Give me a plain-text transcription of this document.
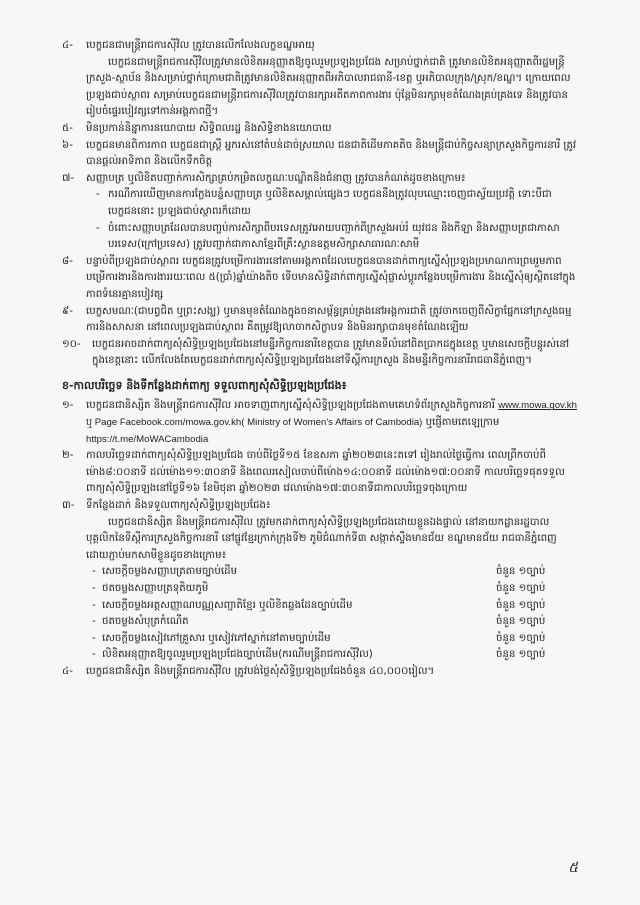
៤- បេក្ខជនជាមន្រ្តីរាជការស៊ីវិល ត្រូវបានលើកលែងលក្ខខណ្ឌអាយុ
បេក្ខជនជាមន្រ្តីរាជការស៊ីវិលត្រូវមានលិខិតអនុញ្ញាតឱ្យចូលរួមប្រឡងប្រជែង សម្រាប់ថ្នាក់ជាតិ ត្រូវមានលិខិតអនុញ្ញាតពីរដ្ឋមន្ត្រីក្រសួង-ស្ថាប័ន និងសម្រាប់ថ្នាក់ក្រោមជាតិត្រូវមានលិខិតអនុញ្ញាតពីអភិបាលរាជធានី-ខេត្ត ឬអភិបាលក្រុង/ស្រុក/ខណ្ឌ។ ក្រោយពេលប្រឡងជាប់ស្ថាពរ សម្រាប់បេក្ខជនជាមន្ត្រីរាជការស៊ីវិលត្រូវបានរក្សាអតីតភាពការងារ ប៉ុន្តែមិនរក្សាមុខតំណែងគ្រប់គ្រងទេ និងត្រូវបានរៀបចំផ្ទេរបៀវត្សទៅកាន់អង្គភាពថ្មី។
៥- មិនប្រកាន់និន្នាការនយោបាយ សិទ្ធិពលរដ្ឋ និងសិទ្ធិខាងនយោបាយ
៦- បេក្ខជនមានពិការភាព បេក្ខជនជាស្ត្រី អ្នករស់នៅតំបន់ដាច់ស្រយាល ជនជាតិដើមភាគតិច និងមន្ត្រីជាប់កិច្ចសន្យាក្រសួងកិច្ចការនារី ត្រូវបានផ្តល់អាទិភាព និងលើកទឹកចិត្ត
៧- សញ្ញាបត្រ ឬលិខិតបញ្ជាក់ការសិក្សាគ្រប់កម្រិតលក្ខណៈបណ្ឌិតនិងជំនាញ ត្រូវបានកំណត់ដូចខាងក្រោម៖
- ករណីការឃើញមានការក្លែងបន្លំសញ្ញាបត្រ ឬលិខិតសម្គាល់ផ្សេងៗ បេក្ខជននឹងត្រូវលុបឈ្មោះចេញជាស្វ័យប្រវត្តិ ទោះបីជាបេក្ខជននោះ ប្រឡងជាប់ស្ថាពរក៏ដោយ
- ចំពោះសញ្ញាបត្រដែលបានបញ្ចប់ការសិក្សាពីបរទេសត្រូវអោយបញ្ជាក់ពីក្រសួងអប់រំ យុវជន និងកីឡា និងសញ្ញាបត្រជាភាសាបរទេស(ក្រៅប្រទេស) ត្រូវបញ្ជាក់ជាភាសាខ្មែរពីគ្រឹះស្ថានឧត្តមសិក្សាសាធារណៈសាមី
៨- បន្ទាប់ពីប្រឡងជាប់ស្ថាពរ បេក្ខជនត្រូវបម្រើការងារនៅតាមអង្គភាពដែលបេក្ខជនបានដាក់ពាក្យស្នើសុំប្រឡងប្រមាណការព្រមរួមភាពបម្រើការងារនិងការងាររយៈពេល ៥(ប្រាំ)ឆ្នាំយ៉ាងតិច ទើបមានសិទ្ធិដាក់ពាក្យស្នើសុំផ្លាស់ប្តូរកន្លែងបម្រើការងារ និងស្នើសុំឲ្យស្ថិតនៅក្នុងភាពទំនេរគ្មានបៀវត្ស
៩- បេក្ខសមណៈ(ជាបព្វជិត ឬព្រះសង្ឃ) ឬមានមុខតំណែងក្នុងចនាសម្ព័ន្ធគ្រប់គ្រងនៅអង្គការជាតិ ត្រូវចាកចេញពីសិក្ខាផ្នែកនៅក្រសួងធម្មការនិងសាសនា នៅពេលប្រឡងជាប់ស្ថាពរ គឺតម្រូវឱ្យលាចាកសិក្ខាបទ និងមិនរក្សាបានមុខតំណែងឡើយ
១០- បេក្ខជនអាចដាក់ពាក្យសុំសិទ្ធិប្រឡងប្រជែងនៅមន្ទីរកិច្ចការនារីខេត្តបាន ត្រូវមានទីលំនៅពិតប្រាកដក្នុងខេត្ត ឬមានសេចក្តីបន្តូរស់នៅក្នុងខេត្តនោះ លើកលែងតែបេក្ខជនដាក់ពាក្យសុំសិទ្ធិប្រឡងប្រជែងនៅទីស្តីការក្រសួង និងមន្ទីរកិច្ចការនារីរាជធានីភ្នំពេញ។
ខ-កាលបរិច្ឆេទ និងទីកន្លែងដាក់ពាក្យ ទទួលពាក្យសុំសិទ្ធិប្រឡងប្រជែង៖
១- បេក្ខជនជានិស្សិត និងមន្ត្រីរាជការស៊ីវិល អាចទាញពាក្យស្នើសុំសិទ្ធិប្រឡងប្រជែងតាមគេហទំព័រក្រសួងកិច្ចការនារី www.mowa.gov.kh ឬ Page Facebook.com/mowa.gov.kh( Ministry of Women's Affairs of Cambodia) ឬផ្ញើតាមតេឡេក្រាម https://t.me/MoWACambodia
២- កាលបរិច្ឆេទដាក់ពាក្យសុំសិទ្ធិប្រឡងប្រជែង ចាប់ពីថ្ងៃទី១៥ ខែឧសភា ឆ្នាំ២០២៣នេះតទៅ រៀងរាល់ថ្ងៃធ្វើការ ពេលព្រឹកចាប់ពីម៉ោង៨:០០នាទី ដល់ម៉ោង១១:៣០នាទី និងពេលរសៀលចាប់ពីម៉ោង១៤:០០នាទី ដល់ម៉ោង១៧:០០នាទី កាលបរិច្ឆេទផុតទទួលពាក្យសុំសិទ្ធិប្រឡងនៅថ្ងៃទី១៦ ខែមិថុនា ឆ្នាំ២០២៣ វេលាម៉ោង១៧:៣០នាទីជាកាលបរិច្ឆេទចុងក្រោយ
៣- ទីកន្លែងដាក់ និងទទួលពាក្យសុំសិទ្ធិប្រឡងប្រជែង៖
បេក្ខជនជានិស្សិត និងមន្ត្រីរាជការស៊ីវិល ត្រូវមកដាក់ពាក្យសុំសិទ្ធិប្រឡងប្រជែងដោយខ្លួនឯងផ្ទាល់ នៅនាយកដ្ឋានរដ្ឋបាល បុគ្គលិកនៃទីស្តីការក្រសួងកិច្ចការនារី នៅផ្លូវខ្មែរក្រាក់ក្រុងទី២ ភូមិជំណាក់ទី៣ សង្កាត់ស្ទឹងមានជ័យ ខណ្ឌមានជ័យ រាជធានីភ្នំពេញ ដោយភ្ជាប់មកសាមីខ្លួនដូចខាងក្រោម៖
- សេចក្តីចម្លងសញ្ញាបត្រតាមច្បាប់ដើម	ចំនួន ១ច្បាប់
- ថតចម្លងសញ្ញាបត្រទុតិយភូមិ	ចំនួន ១ច្បាប់
- សេចក្តីចម្លងអត្តសញ្ញាណបណ្ណសញ្ជាតិខ្មែរ ឬលិខិតឆ្លងដែនច្បាប់ដើម	ចំនួន ១ច្បាប់
- ថតចម្លងសំបុត្រកំណើត	ចំនួន ១ច្បាប់
- សេចក្តីចម្លងសៀវភៅគ្រួសារ ឬសៀវភៅស្នាក់នៅតាមច្បាប់ដើម	ចំនួន ១ច្បាប់
- លិខិតអនុញ្ញាតឱ្យចូលរួមប្រឡងប្រជែងច្បាប់ដើម(ករណីមន្ត្រីរាជការស៊ីវិល)	ចំនួន ១ច្បាប់
៤- បេក្ខជនជានិស្សិត និងមន្ត្រីរាជការស៊ីវិល ត្រូវបង់ថ្លៃសុំសិទ្ធិប្រឡងប្រជែងចំនួន ៤០,០០០រៀល។
៥
